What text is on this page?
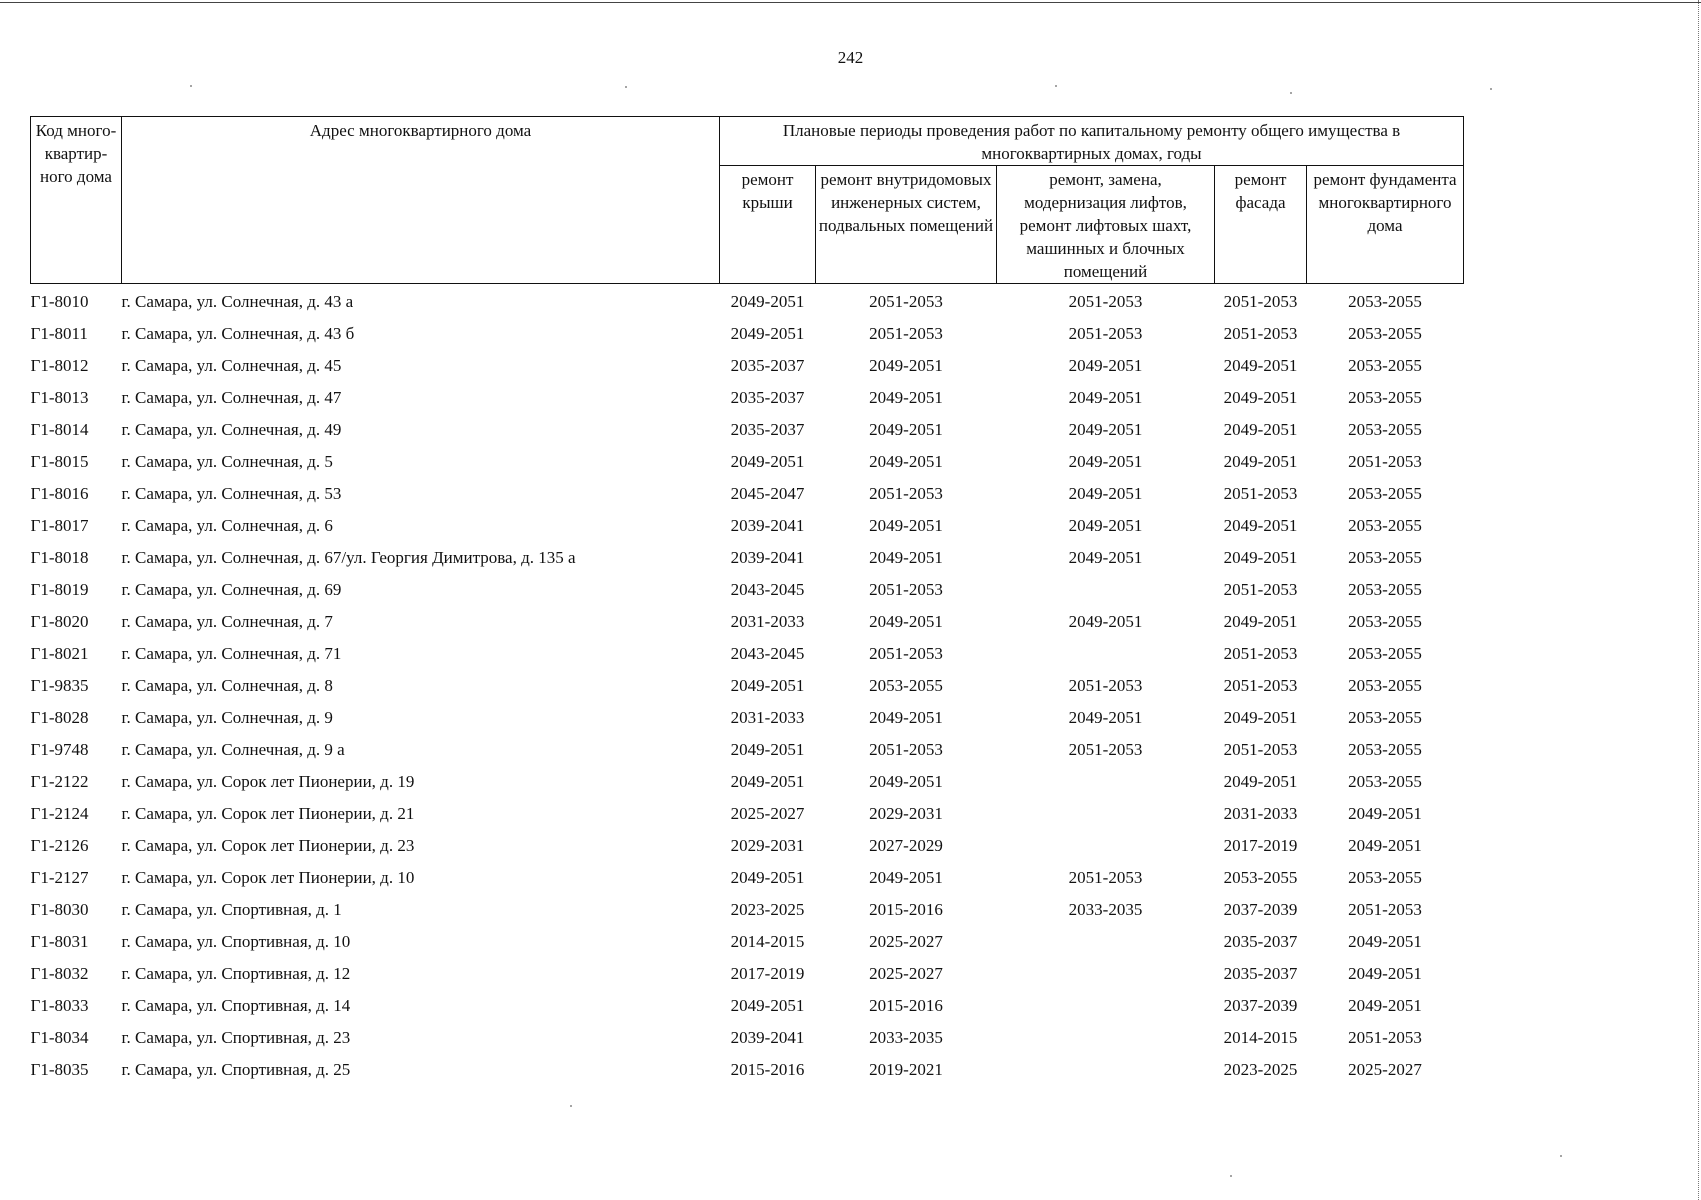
242
Код много-квартир-ного дома	Адрес многоквартирного дома	Плановые периоды проведения работ по капитальному ремонту общего имущества в многоквартирных домах, годы				
		ремонт крыши	ремонт внутридомовых инженерных систем, подвальных помещений	ремонт, замена, модернизация лифтов, ремонт лифтовых шахт, машинных и блочных помещений	ремонт фасада	ремонт фундамента многоквартирного дома
Г1-8010	г. Самара, ул. Солнечная, д. 43 а	2049-2051	2051-2053	2051-2053	2051-2053	2053-2055
Г1-8011	г. Самара, ул. Солнечная, д. 43 б	2049-2051	2051-2053	2051-2053	2051-2053	2053-2055
Г1-8012	г. Самара, ул. Солнечная, д. 45	2035-2037	2049-2051	2049-2051	2049-2051	2053-2055
Г1-8013	г. Самара, ул. Солнечная, д. 47	2035-2037	2049-2051	2049-2051	2049-2051	2053-2055
Г1-8014	г. Самара, ул. Солнечная, д. 49	2035-2037	2049-2051	2049-2051	2049-2051	2053-2055
Г1-8015	г. Самара, ул. Солнечная, д. 5	2049-2051	2049-2051	2049-2051	2049-2051	2051-2053
Г1-8016	г. Самара, ул. Солнечная, д. 53	2045-2047	2051-2053	2049-2051	2051-2053	2053-2055
Г1-8017	г. Самара, ул. Солнечная, д. 6	2039-2041	2049-2051	2049-2051	2049-2051	2053-2055
Г1-8018	г. Самара, ул. Солнечная, д. 67/ул. Георгия Димитрова, д. 135 а	2039-2041	2049-2051	2049-2051	2049-2051	2053-2055
Г1-8019	г. Самара, ул. Солнечная, д. 69	2043-2045	2051-2053		2051-2053	2053-2055
Г1-8020	г. Самара, ул. Солнечная, д. 7	2031-2033	2049-2051	2049-2051	2049-2051	2053-2055
Г1-8021	г. Самара, ул. Солнечная, д. 71	2043-2045	2051-2053		2051-2053	2053-2055
Г1-9835	г. Самара, ул. Солнечная, д. 8	2049-2051	2053-2055	2051-2053	2051-2053	2053-2055
Г1-8028	г. Самара, ул. Солнечная, д. 9	2031-2033	2049-2051	2049-2051	2049-2051	2053-2055
Г1-9748	г. Самара, ул. Солнечная, д. 9 а	2049-2051	2051-2053	2051-2053	2051-2053	2053-2055
Г1-2122	г. Самара, ул. Сорок лет Пионерии, д. 19	2049-2051	2049-2051		2049-2051	2053-2055
Г1-2124	г. Самара, ул. Сорок лет Пионерии, д. 21	2025-2027	2029-2031		2031-2033	2049-2051
Г1-2126	г. Самара, ул. Сорок лет Пионерии, д. 23	2029-2031	2027-2029		2017-2019	2049-2051
Г1-2127	г. Самара, ул. Сорок лет Пионерии, д. 10	2049-2051	2049-2051	2051-2053	2053-2055	2053-2055
Г1-8030	г. Самара, ул. Спортивная, д. 1	2023-2025	2015-2016	2033-2035	2037-2039	2051-2053
Г1-8031	г. Самара, ул. Спортивная, д. 10	2014-2015	2025-2027		2035-2037	2049-2051
Г1-8032	г. Самара, ул. Спортивная, д. 12	2017-2019	2025-2027		2035-2037	2049-2051
Г1-8033	г. Самара, ул. Спортивная, д. 14	2049-2051	2015-2016		2037-2039	2049-2051
Г1-8034	г. Самара, ул. Спортивная, д. 23	2039-2041	2033-2035		2014-2015	2051-2053
Г1-8035	г. Самара, ул. Спортивная, д. 25	2015-2016	2019-2021		2023-2025	2025-2027
